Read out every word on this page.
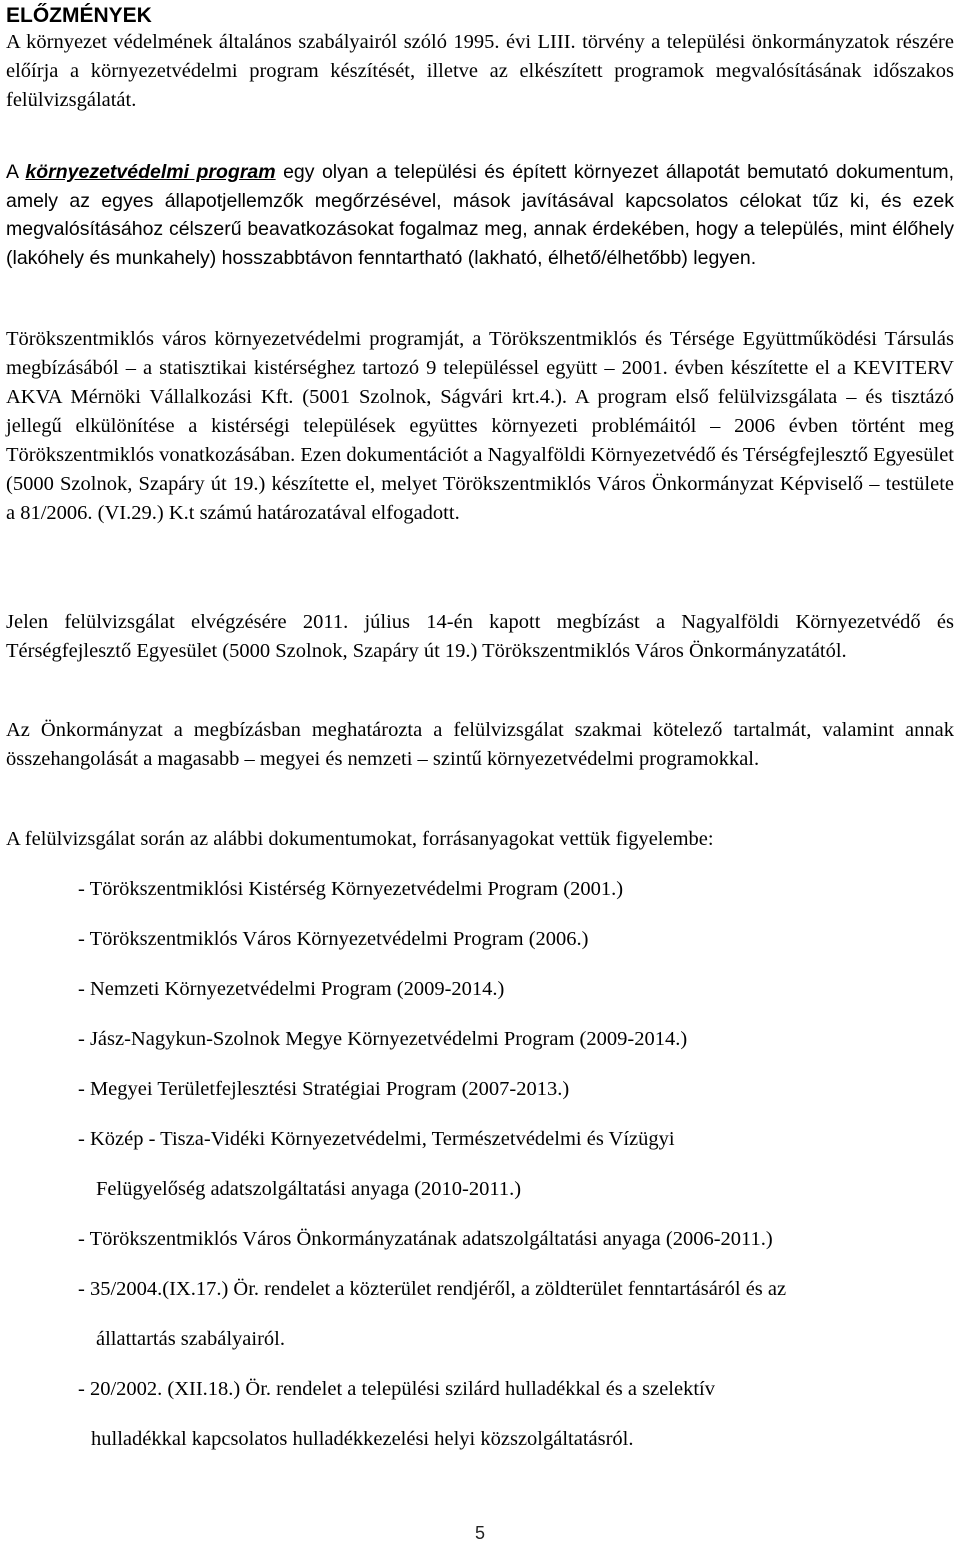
ELŐZMÉNYEK

A környezet védelmének általános szabályairól szóló 1995. évi LIII. törvény a települési önkormányzatok részére előírja a környezetvédelmi program készítését, illetve az elkészített programok megvalósításának időszakos felülvizsgálatát.

A környezetvédelmi program egy olyan a települési és épített környezet állapotát bemutató dokumentum, amely az egyes állapotjellemzők megőrzésével, mások javításával kapcsolatos célokat tűz ki, és ezek megvalósításához célszerű beavatkozásokat fogalmaz meg, annak érdekében, hogy a település, mint élőhely (lakóhely és munkahely) hosszabbtávon fenntartható (lakható, élhető/élhetőbb) legyen.

Törökszentmiklós város környezetvédelmi programját, a Törökszentmiklós és Térsége Együttműködési Társulás megbízásából – a statisztikai kistérséghez tartozó 9 településsel együtt – 2001. évben készítette el a KEVITERV AKVA Mérnöki Vállalkozási Kft. (5001 Szolnok, Ságvári krt.4.). A program első felülvizsgálata – és tisztázó jellegű elkülönítése a kistérségi települések együttes környezeti problémáitól – 2006 évben történt meg Törökszentmiklós vonatkozásában. Ezen dokumentációt a Nagyalföldi Környezetvédő és Térségfejlesztő Egyesület (5000 Szolnok, Szapáry út 19.) készítette el, melyet Törökszentmiklós Város Önkormányzat Képviselő – testülete a 81/2006. (VI.29.) K.t számú határozatával elfogadott.

Jelen felülvizsgálat elvégzésére 2011. július 14-én kapott megbízást a Nagyalföldi Környezetvédő és Térségfejlesztő Egyesület (5000 Szolnok, Szapáry út 19.) Törökszentmiklós Város Önkormányzatától.

Az Önkormányzat a megbízásban meghatározta a felülvizsgálat szakmai kötelező tartalmát, valamint annak összehangolását a magasabb – megyei és nemzeti – szintű környezetvédelmi programokkal.

A felülvizsgálat során az alábbi dokumentumokat, forrásanyagokat vettük figyelembe:

- Törökszentmiklósi Kistérség Környezetvédelmi Program (2001.)

- Törökszentmiklós Város Környezetvédelmi Program (2006.)

- Nemzeti Környezetvédelmi Program (2009-2014.)

- Jász-Nagykun-Szolnok Megye Környezetvédelmi Program (2009-2014.)

- Megyei Területfejlesztési Stratégiai Program (2007-2013.)

- Közép - Tisza-Vidéki Környezetvédelmi, Természetvédelmi és Vízügyi

Felügyelőség adatszolgáltatási anyaga (2010-2011.)

- Törökszentmiklós Város Önkormányzatának adatszolgáltatási anyaga (2006-2011.)

- 35/2004.(IX.17.) Ör. rendelet a közterület rendjéről, a zöldterület fenntartásáról és az

állattartás szabályairól.

- 20/2002. (XII.18.) Ör. rendelet a települési szilárd hulladékkal és a szelektív

hulladékkal kapcsolatos hulladékkezelési helyi közszolgáltatásról.

5
